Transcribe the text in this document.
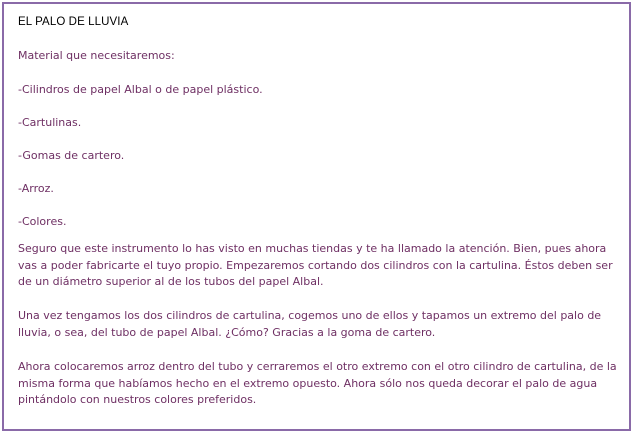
EL PALO DE LLUVIA

Material que necesitaremos:

-Cilindros de papel Albal o de papel plástico.

-Cartulinas.

-Gomas de cartero.

-Arroz.

-Colores.

Seguro que este instrumento lo has visto en muchas tiendas y te ha llamado la atención. Bien, pues ahora vas a poder fabricarte el tuyo propio. Empezaremos cortando dos cilindros con la cartulina. Éstos deben ser de un diámetro superior al de los tubos del papel Albal.

Una vez tengamos los dos cilindros de cartulina, cogemos uno de ellos y tapamos un extremo del palo de lluvia, o sea, del tubo de papel Albal. ¿Cómo? Gracias a la goma de cartero.

Ahora colocaremos arroz dentro del tubo y cerraremos el otro extremo con el otro cilindro de cartulina, de la misma forma que habíamos hecho en el extremo opuesto. Ahora sólo nos queda decorar el palo de agua pintándolo con nuestros colores preferidos.
